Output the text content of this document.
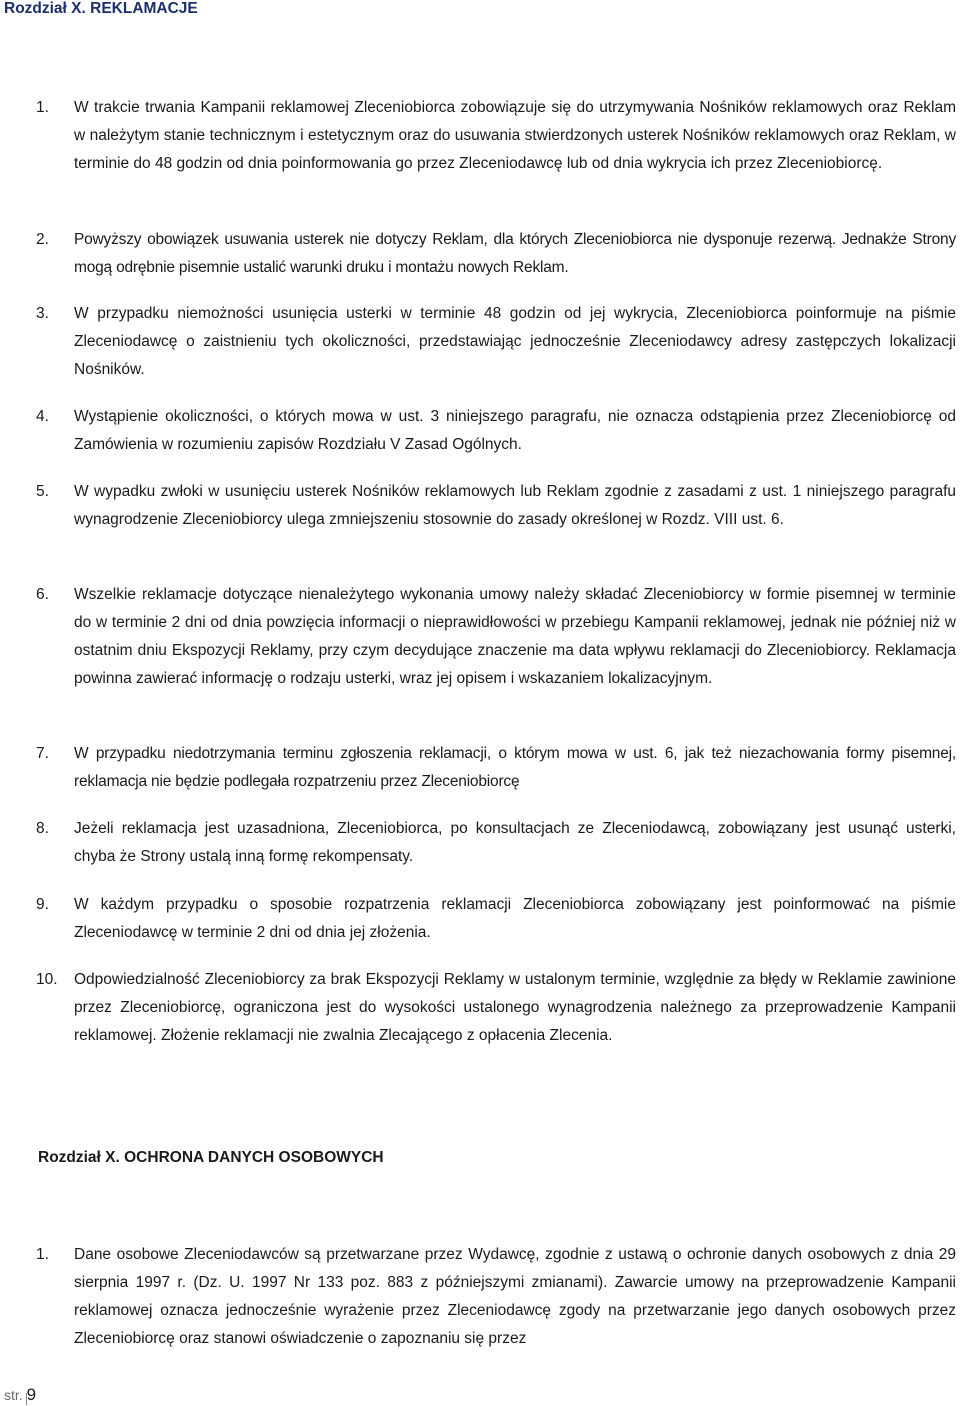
Rozdział X. REKLAMACJE
1.	W trakcie trwania Kampanii reklamowej Zleceniobiorca zobowiązuje się do utrzymywania Nośników reklamowych oraz Reklam w należytym stanie technicznym i estetycznym oraz do usuwania stwierdzonych usterek Nośników reklamowych oraz Reklam, w terminie do 48 godzin od dnia poinformowania go przez Zleceniodawcę lub od dnia wykrycia ich przez Zleceniobiorcę.
2.	Powyższy obowiązek usuwania usterek nie dotyczy Reklam, dla których Zleceniobiorca nie dysponuje rezerwą. Jednakże Strony mogą odrębnie pisemnie ustalić warunki druku i montażu nowych Reklam.
3.	W przypadku niemożności usunięcia usterki w terminie 48 godzin od jej wykrycia, Zleceniobiorca poinformuje na piśmie Zleceniodawcę o zaistnieniu tych okoliczności, przedstawiając jednocześnie Zleceniodawcy adresy zastępczych lokalizacji Nośników.
4.	Wystąpienie okoliczności, o których mowa w ust. 3 niniejszego paragrafu, nie oznacza odstąpienia przez Zleceniobiorcę od Zamówienia w rozumieniu zapisów Rozdziału V Zasad Ogólnych.
5.	W wypadku zwłoki w usunięciu usterek Nośników reklamowych lub Reklam zgodnie z zasadami z ust. 1 niniejszego paragrafu wynagrodzenie Zleceniobiorcy ulega zmniejszeniu stosownie do zasady określonej w Rozdz. VIII ust. 6.
6.	Wszelkie reklamacje dotyczące nienależytego wykonania umowy należy składać Zleceniobiorcy w formie pisemnej w terminie do w terminie 2 dni od dnia powzięcia informacji o nieprawidłowości w przebiegu Kampanii reklamowej, jednak nie później niż w ostatnim dniu Ekspozycji Reklamy, przy czym decydujące znaczenie ma data wpływu reklamacji do Zleceniobiorcy. Reklamacja powinna zawierać informację o rodzaju usterki, wraz jej opisem i wskazaniem lokalizacyjnym.
7.	W przypadku niedotrzymania terminu zgłoszenia reklamacji, o którym mowa w ust. 6, jak też niezachowania formy pisemnej, reklamacja nie będzie podlegała rozpatrzeniu przez Zleceniobiorcę
8.	Jeżeli reklamacja jest uzasadniona, Zleceniobiorca, po konsultacjach ze Zleceniodawcą, zobowiązany jest usunąć usterki, chyba że Strony ustalą inną formę rekompensaty.
9.	W każdym przypadku o sposobie rozpatrzenia reklamacji Zleceniobiorca zobowiązany jest poinformować na piśmie Zleceniodawcę w terminie 2 dni od dnia jej złożenia.
10.	Odpowiedzialność Zleceniobiorcy za brak Ekspozycji Reklamy w ustalonym terminie, względnie za błędy w Reklamie zawinione przez Zleceniobiorcę, ograniczona jest do wysokości ustalonego wynagrodzenia należnego za przeprowadzenie Kampanii reklamowej. Złożenie reklamacji nie zwalnia Zlecającego z opłacenia Zlecenia.
Rozdział X. OCHRONA DANYCH OSOBOWYCH
1.	Dane osobowe Zleceniodawców są przetwarzane przez Wydawcę, zgodnie z ustawą o ochronie danych osobowych z dnia 29 sierpnia 1997 r. (Dz. U. 1997 Nr 133 poz. 883 z późniejszymi zmianami). Zawarcie umowy na przeprowadzenie Kampanii reklamowej oznacza jednocześnie wyrażenie przez Zleceniodawcę zgody na przetwarzanie jego danych osobowych przez Zleceniobiorcę oraz stanowi oświadczenie o zapoznaniu się przez
str. 9
